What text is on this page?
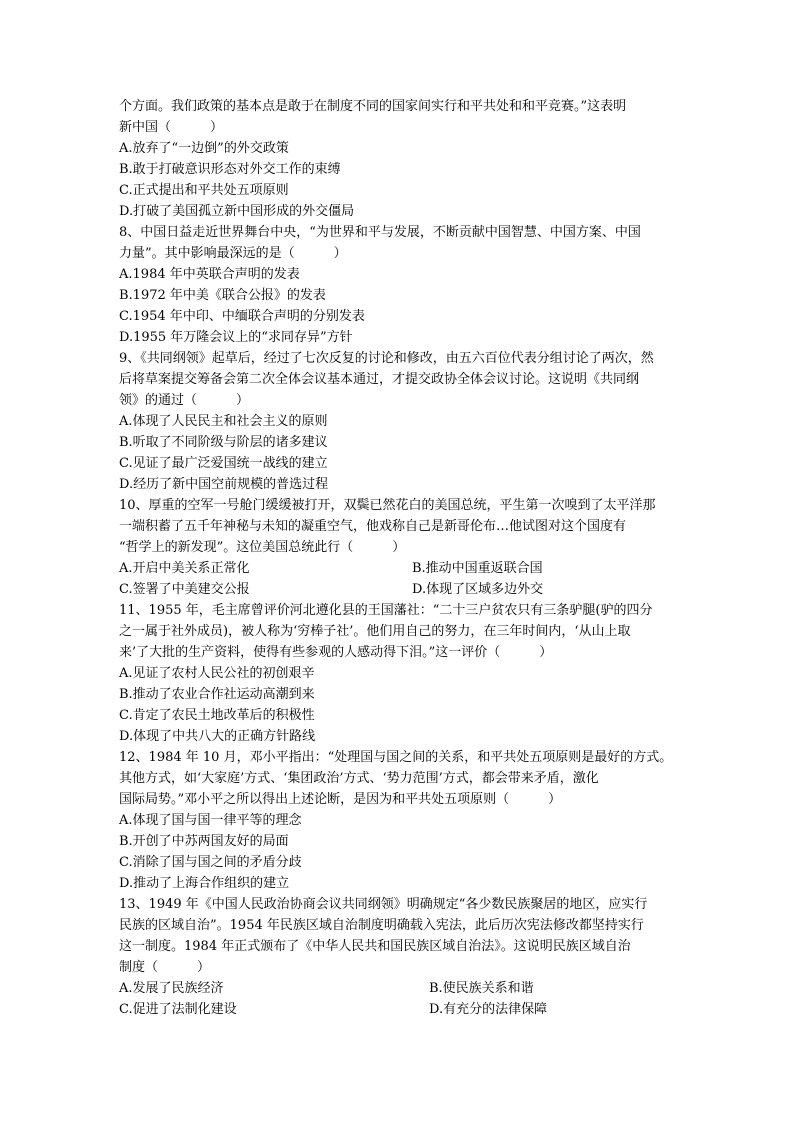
个方面。我们政策的基本点是敢于在制度不同的国家间实行和平共处和和平竞赛。”这表明
新中国（　　　）
A.放弃了“一边倒”的外交政策
B.敢于打破意识形态对外交工作的束缚
C.正式提出和平共处五项原则
D.打破了美国孤立新中国形成的外交僵局
8、中国日益走近世界舞台中央，“为世界和平与发展，不断贡献中国智慧、中国方案、中国
力量”。其中影响最深远的是（　　　）
A.1984 年中英联合声明的发表
B.1972 年中美《联合公报》的发表
C.1954 年中印、中缅联合声明的分别发表
D.1955 年万隆会议上的“求同存异”方针
9、《共同纲领》起草后，经过了七次反复的讨论和修改，由五六百位代表分组讨论了两次，然
后将草案提交筹备会第二次全体会议基本通过，才提交政协全体会议讨论。这说明《共同纲
领》的通过（　　　）
A.体现了人民民主和社会主义的原则
B.听取了不同阶级与阶层的诸多建议
C.见证了最广泛爱国统一战线的建立
D.经历了新中国空前规模的普选过程
10、厚重的空军一号舱门缓缓被打开，双鬓已然花白的美国总统，平生第一次嗅到了太平洋那
一端积蓄了五千年神秘与未知的凝重空气，他戏称自己是新哥伦布…他试图对这个国度有
“哲学上的新发现”。这位美国总统此行（　　　）
A.开启中美关系正常化	B.推动中国重返联合国
C.签署了中美建交公报	D.体现了区域多边外交
11、1955 年，毛主席曾评价河北遵化县的王国藩社：“二十三户贫农只有三条驴腿(驴的四分
之一属于社外成员)，被人称为‘穷棒子社’。他们用自己的努力，在三年时间内，‘从山上取
来’了大批的生产资料，使得有些参观的人感动得下泪。”这一评价（　　　）
A.见证了农村人民公社的初创艰辛
B.推动了农业合作社运动高潮到来
C.肯定了农民土地改革后的积极性
D.体现了中共八大的正确方针路线
12、1984 年 10 月，邓小平指出：“处理国与国之间的关系，和平共处五项原则是最好的方式。
其他方式，如‘大家庭’方式、‘集团政治’方式、‘势力范围’方式，都会带来矛盾，激化
国际局势。”邓小平之所以得出上述论断，是因为和平共处五项原则（　　　）
A.体现了国与国一律平等的理念
B.开创了中苏两国友好的局面
C.消除了国与国之间的矛盾分歧
D.推动了上海合作组织的建立
13、1949 年《中国人民政治协商会议共同纲领》明确规定“各少数民族聚居的地区，应实行
民族的区域自治”。1954 年民族区域自治制度明确载入宪法，此后历次宪法修改都坚持实行
这一制度。1984 年正式颁布了《中华人民共和国民族区域自治法》。这说明民族区域自治
制度（　　　）
A.发展了民族经济	B.使民族关系和谐
C.促进了法制化建设	D.有充分的法律保障
